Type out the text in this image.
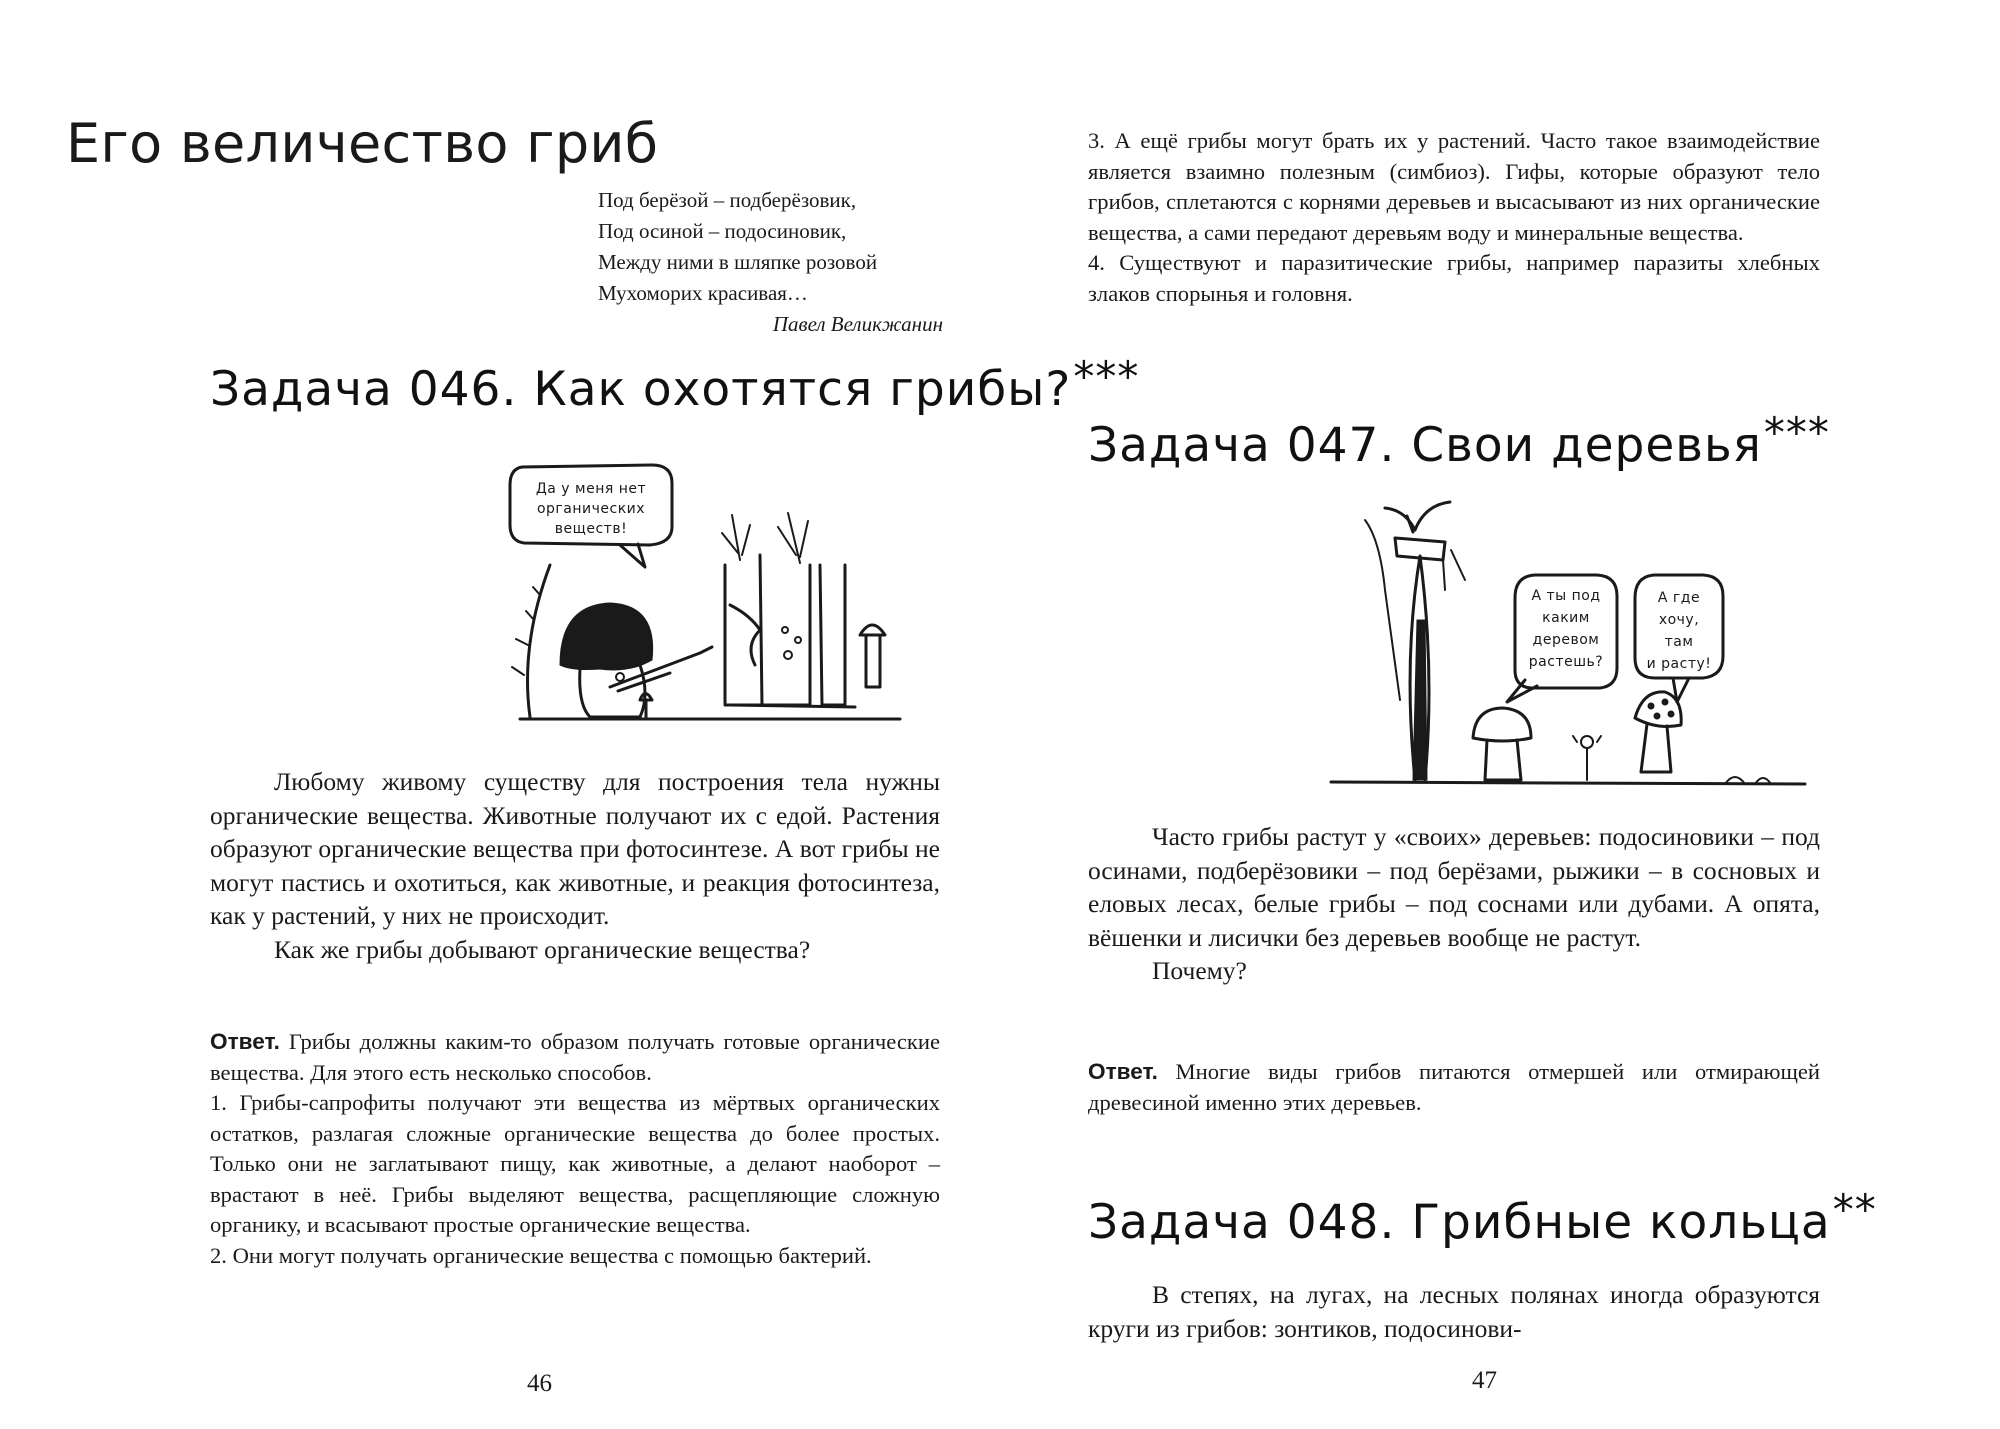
Его величество гриб
Под берёзой – подберёзовик,
Под осиной – подосиновик,
Между ними в шляпке розовой
Мухоморих красивая…
Павел Великжанин
Задача 046. Как охотятся грибы?***
Да у меня нет
органических
веществ!

Любому живому существу для построения тела нужны органические вещества. Животные получают их с едой. Растения образуют органические вещества при фотосинтезе. А вот грибы не могут пастись и охотиться, как животные, и реакция фотосинтеза, как у растений, у них не происходит.

Как же грибы добывают органические вещества?

Ответ. Грибы должны каким-то образом получать готовые органические вещества. Для этого есть несколько способов.

1. Грибы-сапрофиты получают эти вещества из мёртвых органических остатков, разлагая сложные органические вещества до более простых. Только они не заглатывают пищу, как животные, а делают наоборот – врастают в неё. Грибы выделяют вещества, расщепляющие сложную органику, и всасывают простые органические вещества.

2. Они могут получать органические вещества с помощью бактерий.

46

3. А ещё грибы могут брать их у растений. Часто такое взаимодействие является взаимно полезным (симбиоз). Гифы, которые образуют тело грибов, сплетаются с корнями деревьев и высасывают из них органические вещества, а сами передают деревьям воду и минеральные вещества.

4. Существуют и паразитические грибы, например паразиты хлебных злаков спорынья и головня.

Задача 047. Свои деревья***
А ты под
каким
деревом
растешь?
А где
хочу,
там
и расту!

Часто грибы растут у «своих» деревьев: подосиновики – под осинами, подберёзовики – под берёзами, рыжики – в сосновых и еловых лесах, белые грибы – под соснами или дубами. А опята, вёшенки и лисички без деревьев вообще не растут.

Почему?

Ответ. Многие виды грибов питаются отмершей или отмирающей древесиной именно этих деревьев.

Задача 048. Грибные кольца**

В степях, на лугах, на лесных полянах иногда образуются круги из грибов: зонтиков, подосинови-

47
